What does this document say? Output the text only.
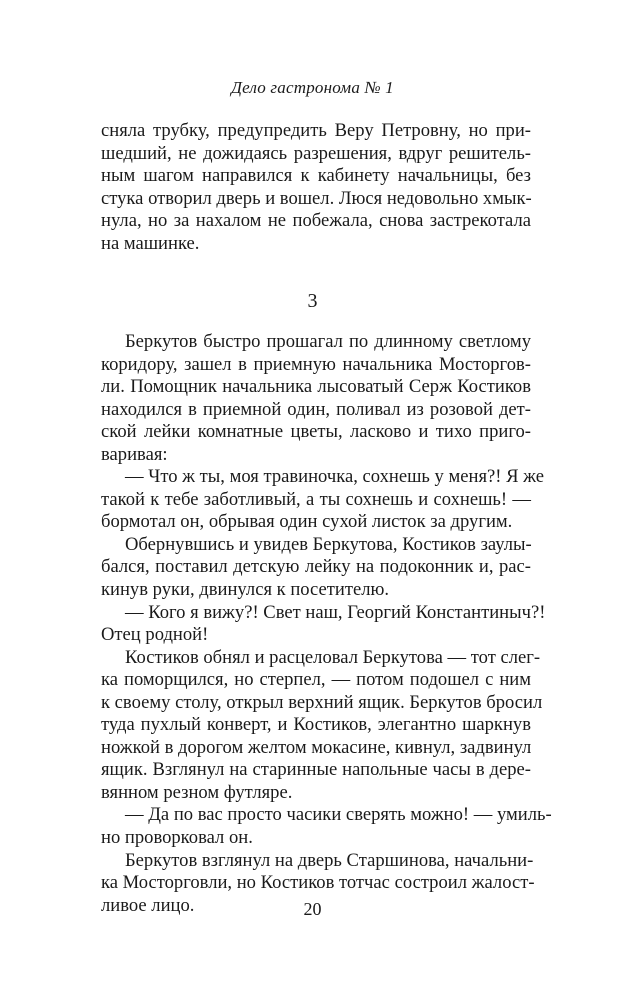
Дело гастронома № 1
сняла трубку, предупредить Веру Петровну, но при-
шедший, не дожидаясь разрешения, вдруг решитель-
ным шагом направился к кабинету начальницы, без
стука отворил дверь и вошел. Люся недовольно хмык-
нула, но за нахалом не побежала, снова застрекотала
на машинке.
3
Беркутов быстро прошагал по длинному светлому
коридору, зашел в приемную начальника Мосторгов-
ли. Помощник начальника лысоватый Серж Костиков
находился в приемной один, поливал из розовой дет-
ской лейки комнатные цветы, ласково и тихо приго-
варивая:
— Что ж ты, моя травиночка, сохнешь у меня?! Я же
такой к тебе заботливый, а ты сохнешь и сохнешь! —
бормотал он, обрывая один сухой листок за другим.
Обернувшись и увидев Беркутова, Костиков заулы-
бался, поставил детскую лейку на подоконник и, рас-
кинув руки, двинулся к посетителю.
— Кого я вижу?! Свет наш, Георгий Константиныч?!
Отец родной!
Костиков обнял и расцеловал Беркутова — тот слег-
ка поморщился, но стерпел, — потом подошел с ним
к своему столу, открыл верхний ящик. Беркутов бросил
туда пухлый конверт, и Костиков, элегантно шаркнув
ножкой в дорогом желтом мокасине, кивнул, задвинул
ящик. Взглянул на старинные напольные часы в дере-
вянном резном футляре.
— Да по вас просто часики сверять можно! — умиль-
но проворковал он.
Беркутов взглянул на дверь Старшинова, начальни-
ка Мосторговли, но Костиков тотчас состроил жалост-
ливое лицо.	20
